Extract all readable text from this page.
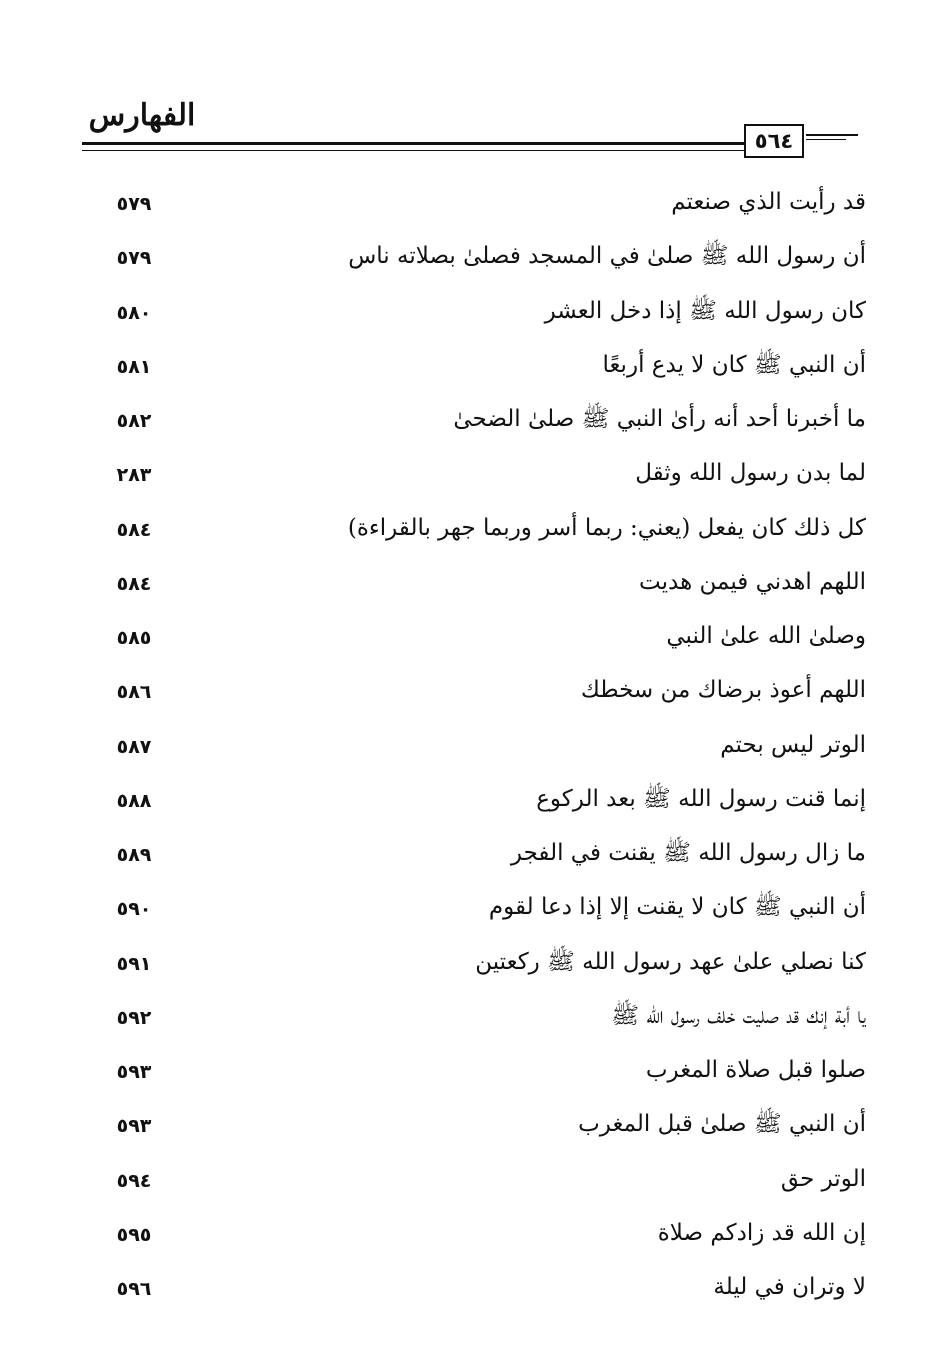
الفهارس
٥٦٤
قد رأيت الذي صنعتم
٥٧٩
أن رسول الله ﷺ صلىٰ في المسجد فصلىٰ بصلاته ناس
٥٧٩
كان رسول الله ﷺ إذا دخل العشر
٥٨٠
أن النبي ﷺ كان لا يدع أربعًا
٥٨١
ما أخبرنا أحد أنه رأىٰ النبي ﷺ صلىٰ الضحىٰ
٥٨٢
لما بدن رسول الله وثقل
٢٨٣
كل ذلك كان يفعل (يعني: ربما أسر وربما جهر بالقراءة)
٥٨٤
اللهم اهدني فيمن هديت
٥٨٤
وصلىٰ الله علىٰ النبي
٥٨٥
اللهم أعوذ برضاك من سخطك
٥٨٦
الوتر ليس بحتم
٥٨٧
إنما قنت رسول الله ﷺ بعد الركوع
٥٨٨
ما زال رسول الله ﷺ يقنت في الفجر
٥٨٩
أن النبي ﷺ كان لا يقنت إلا إذا دعا لقوم
٥٩٠
كنا نصلي علىٰ عهد رسول الله ﷺ ركعتين
٥٩١
يا أبة إنك قد صليت خلف رسول الله ﷺ
٥٩٢
صلوا قبل صلاة المغرب
٥٩٣
أن النبي ﷺ صلىٰ قبل المغرب
٥٩٣
الوتر حق
٥٩٤
إن الله قد زادكم صلاة
٥٩٥
لا وتران في ليلة
٥٩٦
